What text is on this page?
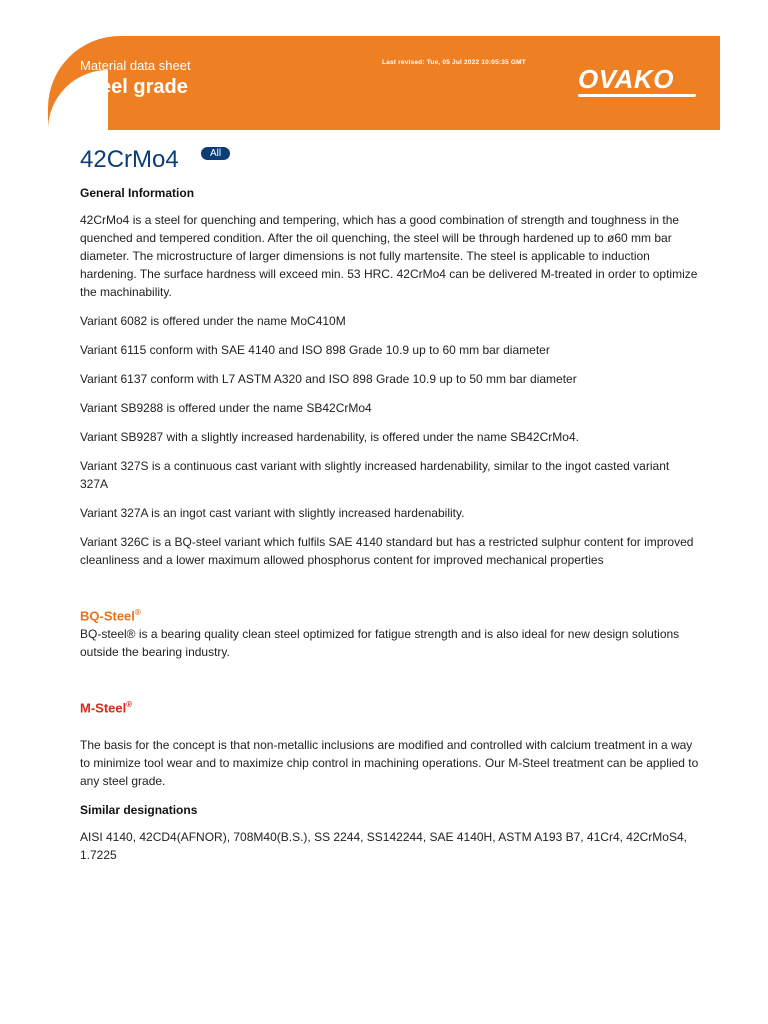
Material data sheet
Steel grade
Last revised: Tue, 05 Jul 2022 10:05:35 GMT
OVAKO
42CrMo4	All
General Information

42CrMo4 is a steel for quenching and tempering, which has a good combination of strength and toughness in the quenched and tempered condition. After the oil quenching, the steel will be through hardened up to ø60 mm bar diameter. The microstructure of larger dimensions is not fully martensite. The steel is applicable to induction hardening. The surface hardness will exceed min. 53 HRC. 42CrMo4 can be delivered M-treated in order to optimize the machinability.

Variant 6082 is offered under the name MoC410M

Variant 6115 conform with SAE 4140 and ISO 898 Grade 10.9 up to 60 mm bar diameter

Variant 6137 conform with L7 ASTM A320 and ISO 898 Grade 10.9 up to 50 mm bar diameter

Variant SB9288 is offered under the name SB42CrMo4

Variant SB9287 with a slightly increased hardenability, is offered under the name SB42CrMo4.

Variant 327S is a continuous cast variant with slightly increased hardenability, similar to the ingot casted variant 327A

Variant 327A is an ingot cast variant with slightly increased hardenability.

Variant 326C is a BQ-steel variant which fulfils SAE 4140 standard but has a restricted sulphur content for improved cleanliness and a lower maximum allowed phosphorus content for improved mechanical properties

BQ-Steel®

BQ-steel® is a bearing quality clean steel optimized for fatigue strength and is also ideal for new design solutions outside the bearing industry.

M-Steel®

The basis for the concept is that non-metallic inclusions are modified and controlled with calcium treatment in a way to minimize tool wear and to maximize chip control in machining operations. Our M-Steel treatment can be applied to any steel grade.

Similar designations

AISI 4140, 42CD4(AFNOR), 708M40(B.S.), SS 2244, SS142244, SAE 4140H, ASTM A193 B7, 41Cr4, 42CrMoS4, 1.7225
